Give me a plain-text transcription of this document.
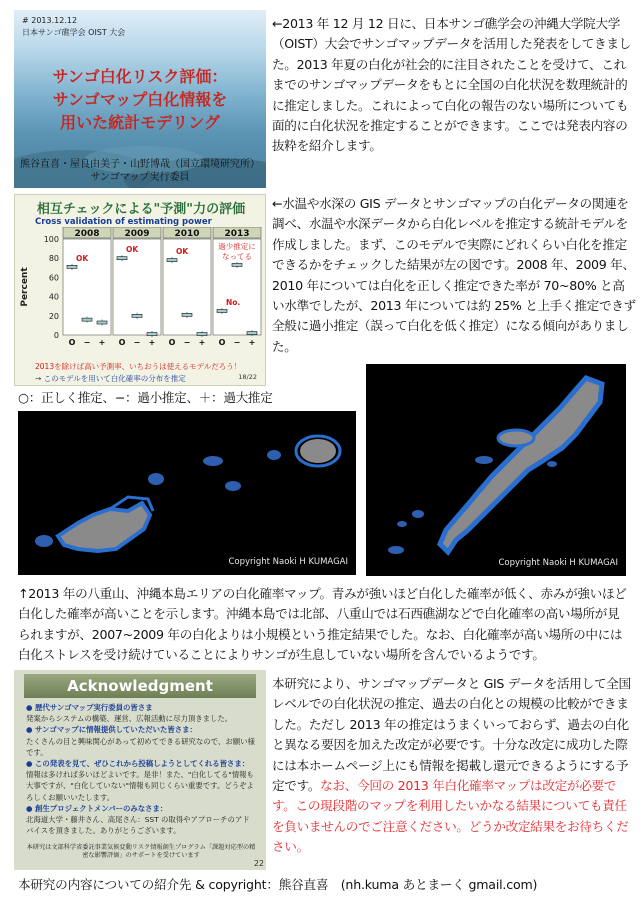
# 2013.12.12
日本サンゴ礁学会 OIST 大会
サンゴ白化リスク評価：
サンゴマップ白化情報を
用いた統計モデリング
熊谷直喜・屋良由美子・山野博哉（国立環境研究所）
サンゴマップ実行委員
←2013 年 12 月 12 日に、日本サンゴ礁学会の沖縄大学院大学（OIST）大会でサンゴマップデータを活用した発表をしてきました。2013 年夏の白化が社会的に注目されたことを受けて、これまでのサンゴマップデータをもとに全国の白化状況を数理統計的に推定しました。これによって白化の報告のない場所についても面的に白化状況を推定することができます。ここでは発表内容の抜粋を紹介します。
相互チェックによる"予測"力の評価
Cross validation of estimating power
Percent
0
20
40
60
80
100
2008
O − +
OK
2009
O − +
OK
2010
O − +
OK
2013
O − +
No.
過少推定に
なってる
2013を除けば高い予測率、いちおうは使えるモデルだろう！
→ このモデルを用いて白化確率の分布を推定	18/22
○：正しく推定、−：過小推定、＋：過大推定
←水温や水深の GIS データとサンゴマップの白化データの関連を調べ、水温や水深データから白化レベルを推定する統計モデルを作成しました。まず、このモデルで実際にどれくらい白化を推定できるかをチェックした結果が左の図です。2008 年、2009 年、2010 年については白化を正しく推定できた率が 70~80% と高い水準でしたが、2013 年については約 25% と上手く推定できず全般に過小推定（誤って白化を低く推定）になる傾向がありました。
Copyright Naoki H KUMAGAI	Copyright Naoki H KUMAGAI
↑2013 年の八重山、沖縄本島エリアの白化確率マップ。青みが強いほど白化した確率が低く、赤みが強いほど白化した確率が高いことを示します。沖縄本島では北部、八重山では石西礁湖などで白化確率の高い場所が見られますが、2007~2009 年の白化よりは小規模という推定結果でした。なお、白化確率が高い場所の中には白化ストレスを受け続けていることによりサンゴが生息していない場所を含んでいるようです。
Acknowledgment
● 歴代サンゴマップ実行委員の皆さま
発案からシステムの構築、運営、広報活動に尽力頂きました。
● サンゴマップに情報提供していただいた皆さま：
たくさんの目と興味関心があって初めてできる研究なので、お願い様です。
● この発表を見て、ぜひこれから投稿しようとしてくれる皆さま：
情報は多ければ多いほどよいです。是非！また、"白化してる"情報も大事ですが、"白化していない"情報も同じくらい重要です。どうぞよろしくお願いいたします。
● 創生プロジェクトメンバーのみなさま：
北海道大学・藤井さん、高尾さん：SST の取得やアプローチのアドバイスを頂きました。ありがとうございます。
本研究は文部科学省委託事業気候変動リスク情報創生プログラム「課題対応型の精密な影響評価」のサポートを受けています
22
本研究により、サンゴマップデータと GIS データを活用して全国レベルでの白化状況の推定、過去の白化との規模の比較ができました。ただし 2013 年の推定はうまくいっておらず、過去の白化と異なる要因を加えた改定が必要です。十分な改定に成功した際には本ホームページ上にも情報を掲載し還元できるようにする予定です。なお、今回の 2013 年白化確率マップは改定が必要です。この現段階のマップを利用したいかなる結果についても責任を負いませんのでご注意ください。どうか改定結果をお待ちください。
本研究の内容についての紹介先 & copyright：熊谷直喜　(nh.kuma あとまーく gmail.com)
